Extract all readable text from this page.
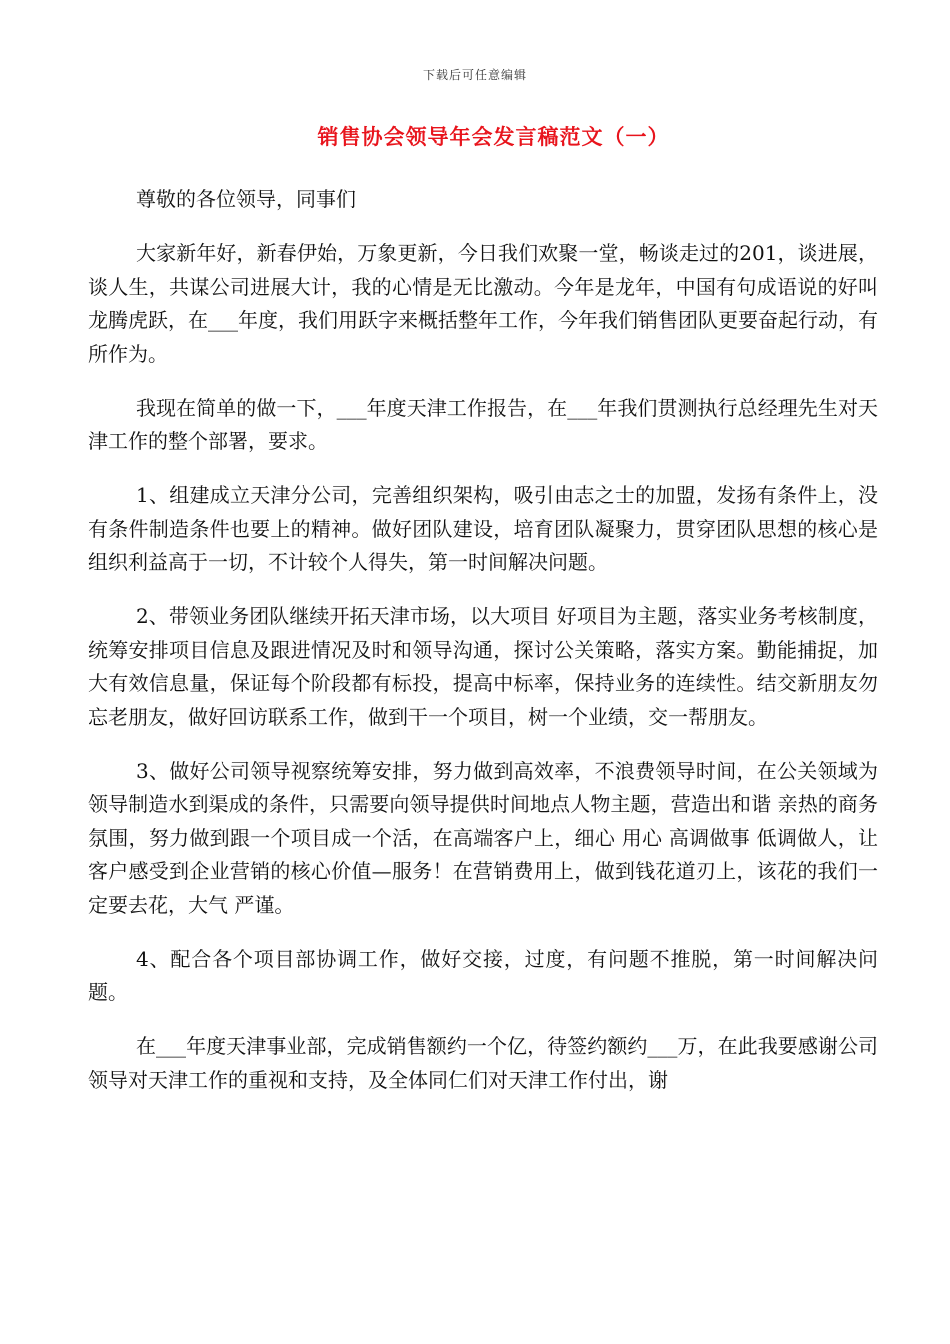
下载后可任意编辑
销售协会领导年会发言稿范文（一）

尊敬的各位领导，同事们

大家新年好，新春伊始，万象更新，今日我们欢聚一堂，畅谈走过的201，谈进展，谈人生，共谋公司进展大计，我的心情是无比激动。今年是龙年，中国有句成语说的好叫龙腾虎跃，在___年度，我们用跃字来概括整年工作，今年我们销售团队更要奋起行动，有所作为。

我现在简单的做一下，___年度天津工作报告，在___年我们贯测执行总经理先生对天津工作的整个部署，要求。

1、组建成立天津分公司，完善组织架构，吸引由志之士的加盟，发扬有条件上，没有条件制造条件也要上的精神。做好团队建设，培育团队凝聚力，贯穿团队思想的核心是 组织利益高于一切，不计较个人得失，第一时间解决问题。

2、带领业务团队继续开拓天津市场，以大项目 好项目为主题，落实业务考核制度，统筹安排项目信息及跟进情况及时和领导沟通，探讨公关策略，落实方案。勤能捕捉，加大有效信息量，保证每个阶段都有标投，提高中标率，保持业务的连续性。结交新朋友勿忘老朋友，做好回访联系工作，做到干一个项目，树一个业绩，交一帮朋友。

3、做好公司领导视察统筹安排，努力做到高效率，不浪费领导时间，在公关领域为领导制造水到渠成的条件，只需要向领导提供时间地点人物主题，营造出和谐 亲热的商务氛围，努力做到跟一个项目成一个活，在高端客户上，细心 用心 高调做事 低调做人，让客户感受到企业营销的核心价值—服务！在营销费用上，做到钱花道刃上，该花的我们一定要去花，大气 严谨。

4、配合各个项目部协调工作，做好交接，过度，有问题不推脱，第一时间解决问题。

在___年度天津事业部，完成销售额约一个亿，待签约额约___万，在此我要感谢公司领导对天津工作的重视和支持，及全体同仁们对天津工作付出，谢
